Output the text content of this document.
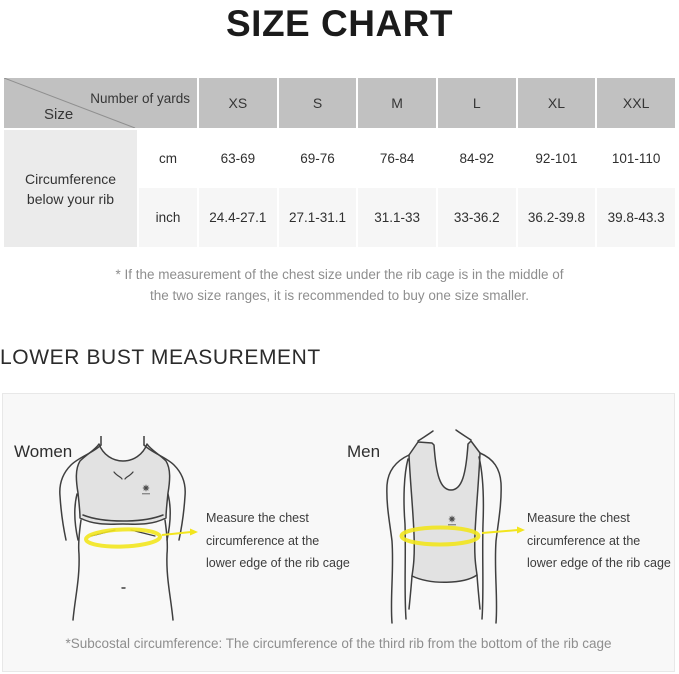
SIZE CHART
Number of yards
Size		XS	S	M	L	XL	XXL

Circumference
below your rib	cm	63-69	69-76	76-84	84-92	92-101	101-110
	inch	24.4-27.1	27.1-31.1	31.1-33	33-36.2	36.2-39.8	39.8-43.3
* If the measurement of the chest size under the rib cage is in the middle of
the two size ranges, it is recommended to buy one size smaller.
LOWER BUST MEASUREMENT
Women
Measure the chest
circumference at the
lower edge of the rib cage
Men
Measure the chest
circumference at the
lower edge of the rib cage
*Subcostal circumference: The circumference of the third rib from the bottom of the rib cage
